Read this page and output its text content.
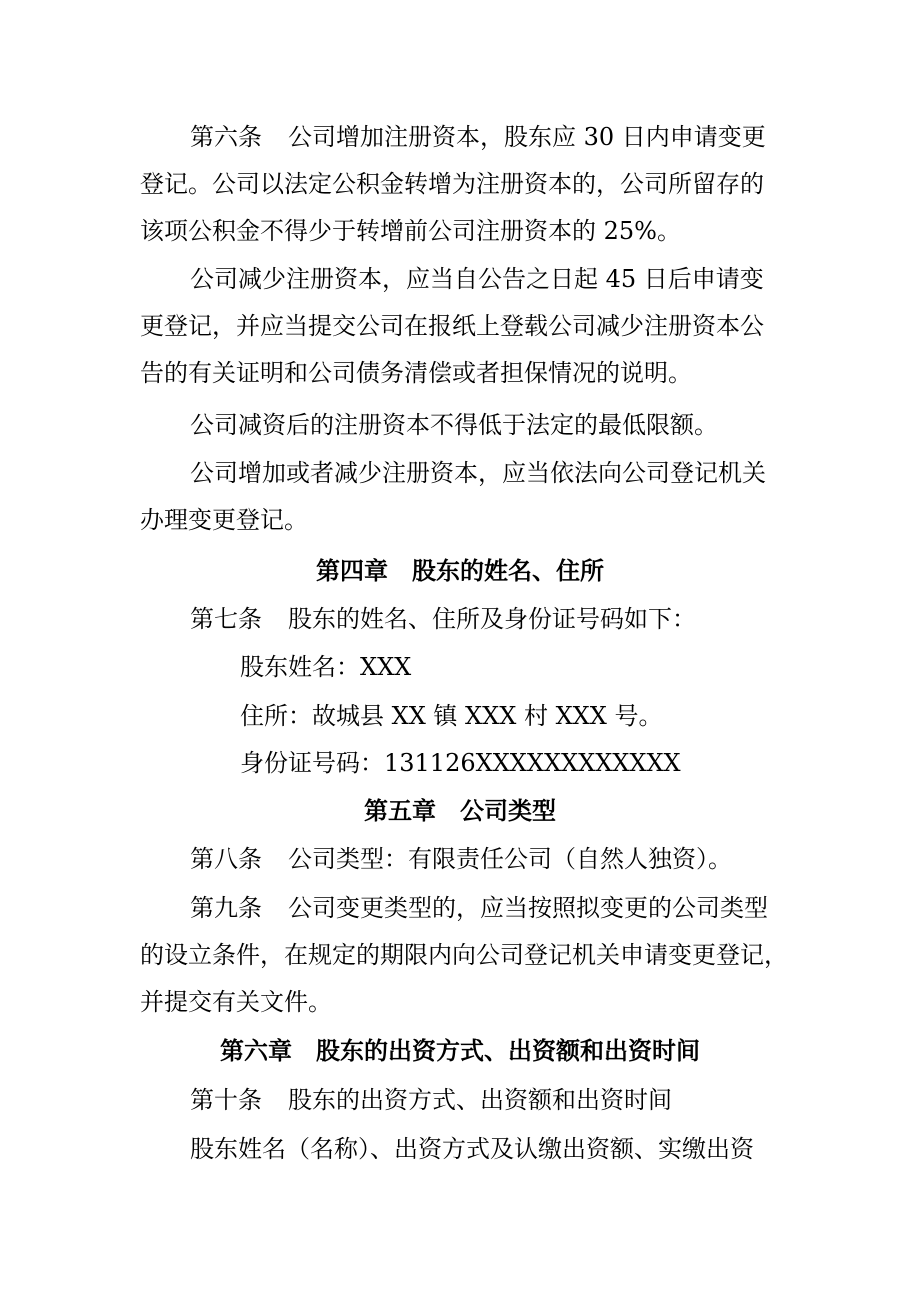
第六条 公司增加注册资本，股东应 30 日内申请变更
登记。公司以法定公积金转增为注册资本的，公司所留存的
该项公积金不得少于转增前公司注册资本的 25%。
公司减少注册资本，应当自公告之日起 45 日后申请变
更登记，并应当提交公司在报纸上登载公司减少注册资本公
告的有关证明和公司债务清偿或者担保情况的说明。
公司减资后的注册资本不得低于法定的最低限额。
公司增加或者减少注册资本，应当依法向公司登记机关
办理变更登记。
第四章　股东的姓名、住所
第七条 股东的姓名、住所及身份证号码如下：
股东姓名：XXX
住所：故城县 XX 镇 XXX 村 XXX 号。
身份证号码：131126XXXXXXXXXXXX
第五章　公司类型
第八条 公司类型：有限责任公司（自然人独资）。
第九条 公司变更类型的，应当按照拟变更的公司类型
的设立条件，在规定的期限内向公司登记机关申请变更登记，
并提交有关文件。
第六章　股东的出资方式、出资额和出资时间
第十条 股东的出资方式、出资额和出资时间
股东姓名（名称）、出资方式及认缴出资额、实缴出资
